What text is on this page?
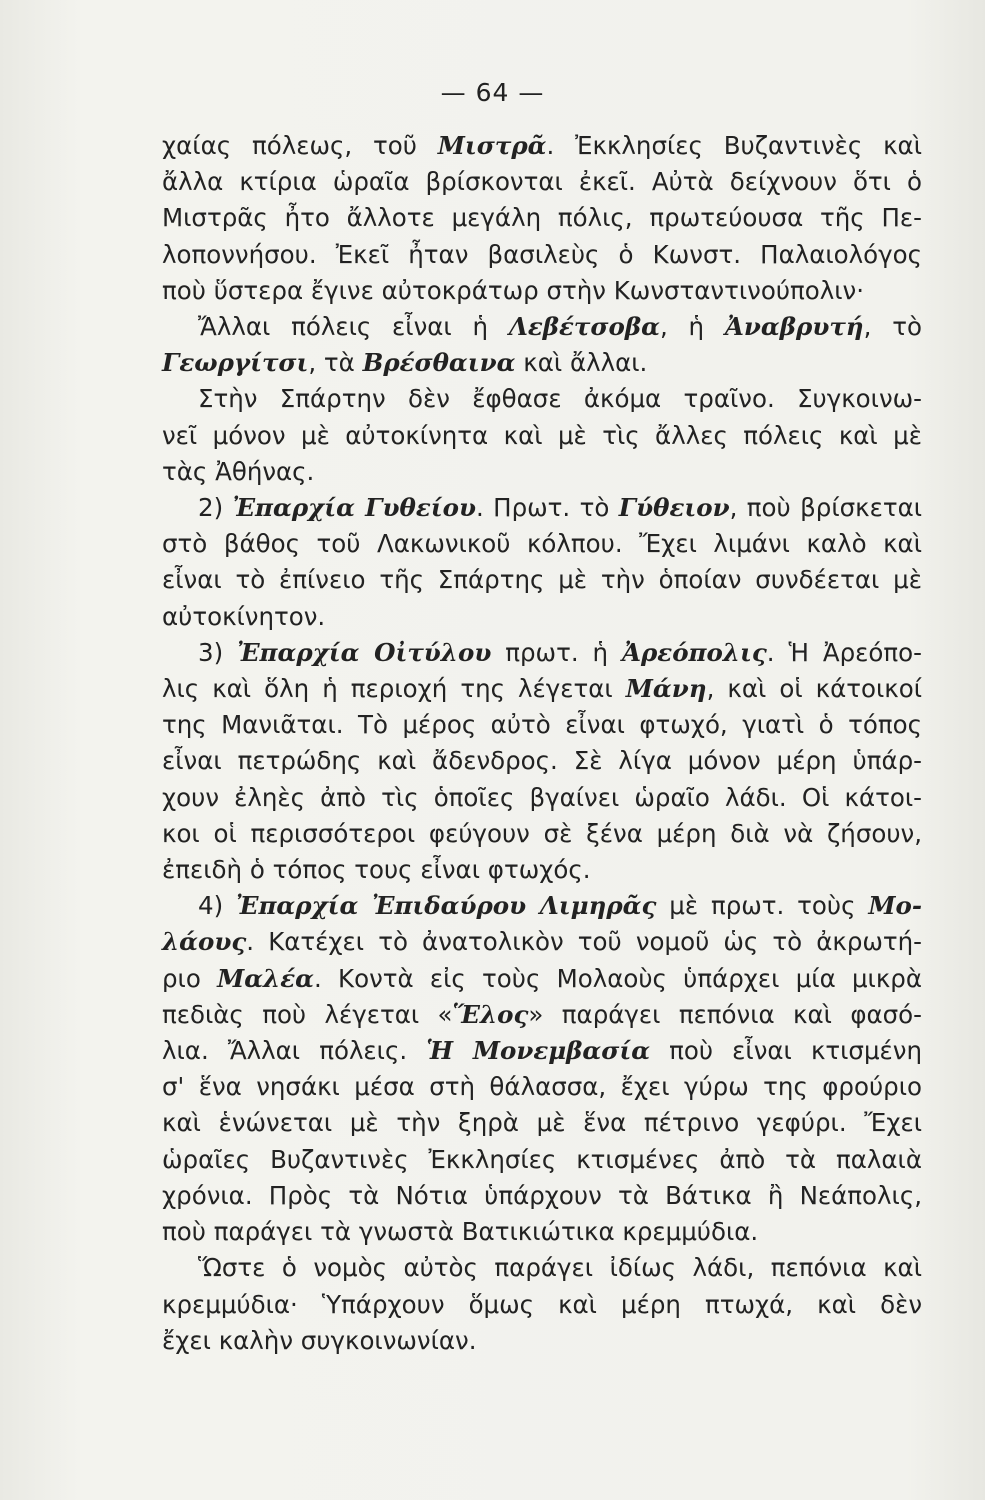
— 64 —
χαίας πόλεως, τοῦ Μιστρᾶ. Ἐκκλησίες Βυζαντινὲς καὶ
ἄλλα κτίρια ὡραῖα βρίσκονται ἐκεῖ. Αὐτὰ δείχνουν ὅτι ὁ
Μιστρᾶς ἦτο ἄλλοτε μεγάλη πόλις, πρωτεύουσα τῆς Πε-
λοποννήσου. Ἐκεῖ ἦταν βασιλεὺς ὁ Κωνστ. Παλαιολόγος
ποὺ ὕστερα ἔγινε αὐτοκράτωρ στὴν Κωνσταντινούπολιν·
Ἄλλαι πόλεις εἶναι ἡ Λεβέτσοβα, ἡ Ἀναβρυτή, τὸ
Γεωργίτσι, τὰ Βρέσθαινα καὶ ἄλλαι.
Στὴν Σπάρτην δὲν ἔφθασε ἀκόμα τραῖνο. Συγκοινω-
νεῖ μόνον μὲ αὐτοκίνητα καὶ μὲ τὶς ἄλλες πόλεις καὶ μὲ
τὰς Ἀθήνας.
2) Ἐπαρχία Γυθείου. Πρωτ. τὸ Γύθειον, ποὺ βρίσκεται
στὸ βάθος τοῦ Λακωνικοῦ κόλπου. Ἔχει λιμάνι καλὸ καὶ
εἶναι τὸ ἐπίνειο τῆς Σπάρτης μὲ τὴν ὁποίαν συνδέεται μὲ
αὐτοκίνητον.
3) Ἐπαρχία Οἰτύλου πρωτ. ἡ Ἀρεόπολις. Ἡ Ἀρεόπο-
λις καὶ ὅλη ἡ περιοχή της λέγεται Μάνη, καὶ οἱ κάτοικοί
της Μανιᾶται. Τὸ μέρος αὐτὸ εἶναι φτωχό, γιατὶ ὁ τόπος
εἶναι πετρώδης καὶ ἄδενδρος. Σὲ λίγα μόνον μέρη ὑπάρ-
χουν ἐληὲς ἀπὸ τὶς ὁποῖες βγαίνει ὡραῖο λάδι. Οἱ κάτοι-
κοι οἱ περισσότεροι φεύγουν σὲ ξένα μέρη διὰ νὰ ζήσουν,
ἐπειδὴ ὁ τόπος τους εἶναι φτωχός.
4) Ἐπαρχία Ἐπιδαύρου Λιμηρᾶς μὲ πρωτ. τοὺς Μο-
λάους. Κατέχει τὸ ἀνατολικὸν τοῦ νομοῦ ὡς τὸ ἀκρωτή-
ριο Μαλέα. Κοντὰ εἰς τοὺς Μολαοὺς ὑπάρχει μία μικρὰ
πεδιὰς ποὺ λέγεται «Ἕλος» παράγει πεπόνια καὶ φασό-
λια. Ἄλλαι πόλεις. Ἡ Μονεμβασία ποὺ εἶναι κτισμένη
σ' ἕνα νησάκι μέσα στὴ θάλασσα, ἔχει γύρω της φρούριο
καὶ ἑνώνεται μὲ τὴν ξηρὰ μὲ ἕνα πέτρινο γεφύρι. Ἔχει
ὡραῖες Βυζαντινὲς Ἐκκλησίες κτισμένες ἀπὸ τὰ παλαιὰ
χρόνια. Πρὸς τὰ Νότια ὑπάρχουν τὰ Βάτικα ἢ Νεάπολις,
ποὺ παράγει τὰ γνωστὰ Βατικιώτικα κρεμμύδια.
Ὥστε ὁ νομὸς αὐτὸς παράγει ἰδίως λάδι, πεπόνια καὶ
κρεμμύδια· Ὑπάρχουν ὅμως καὶ μέρη πτωχά, καὶ δὲν
ἔχει καλὴν συγκοινωνίαν.
